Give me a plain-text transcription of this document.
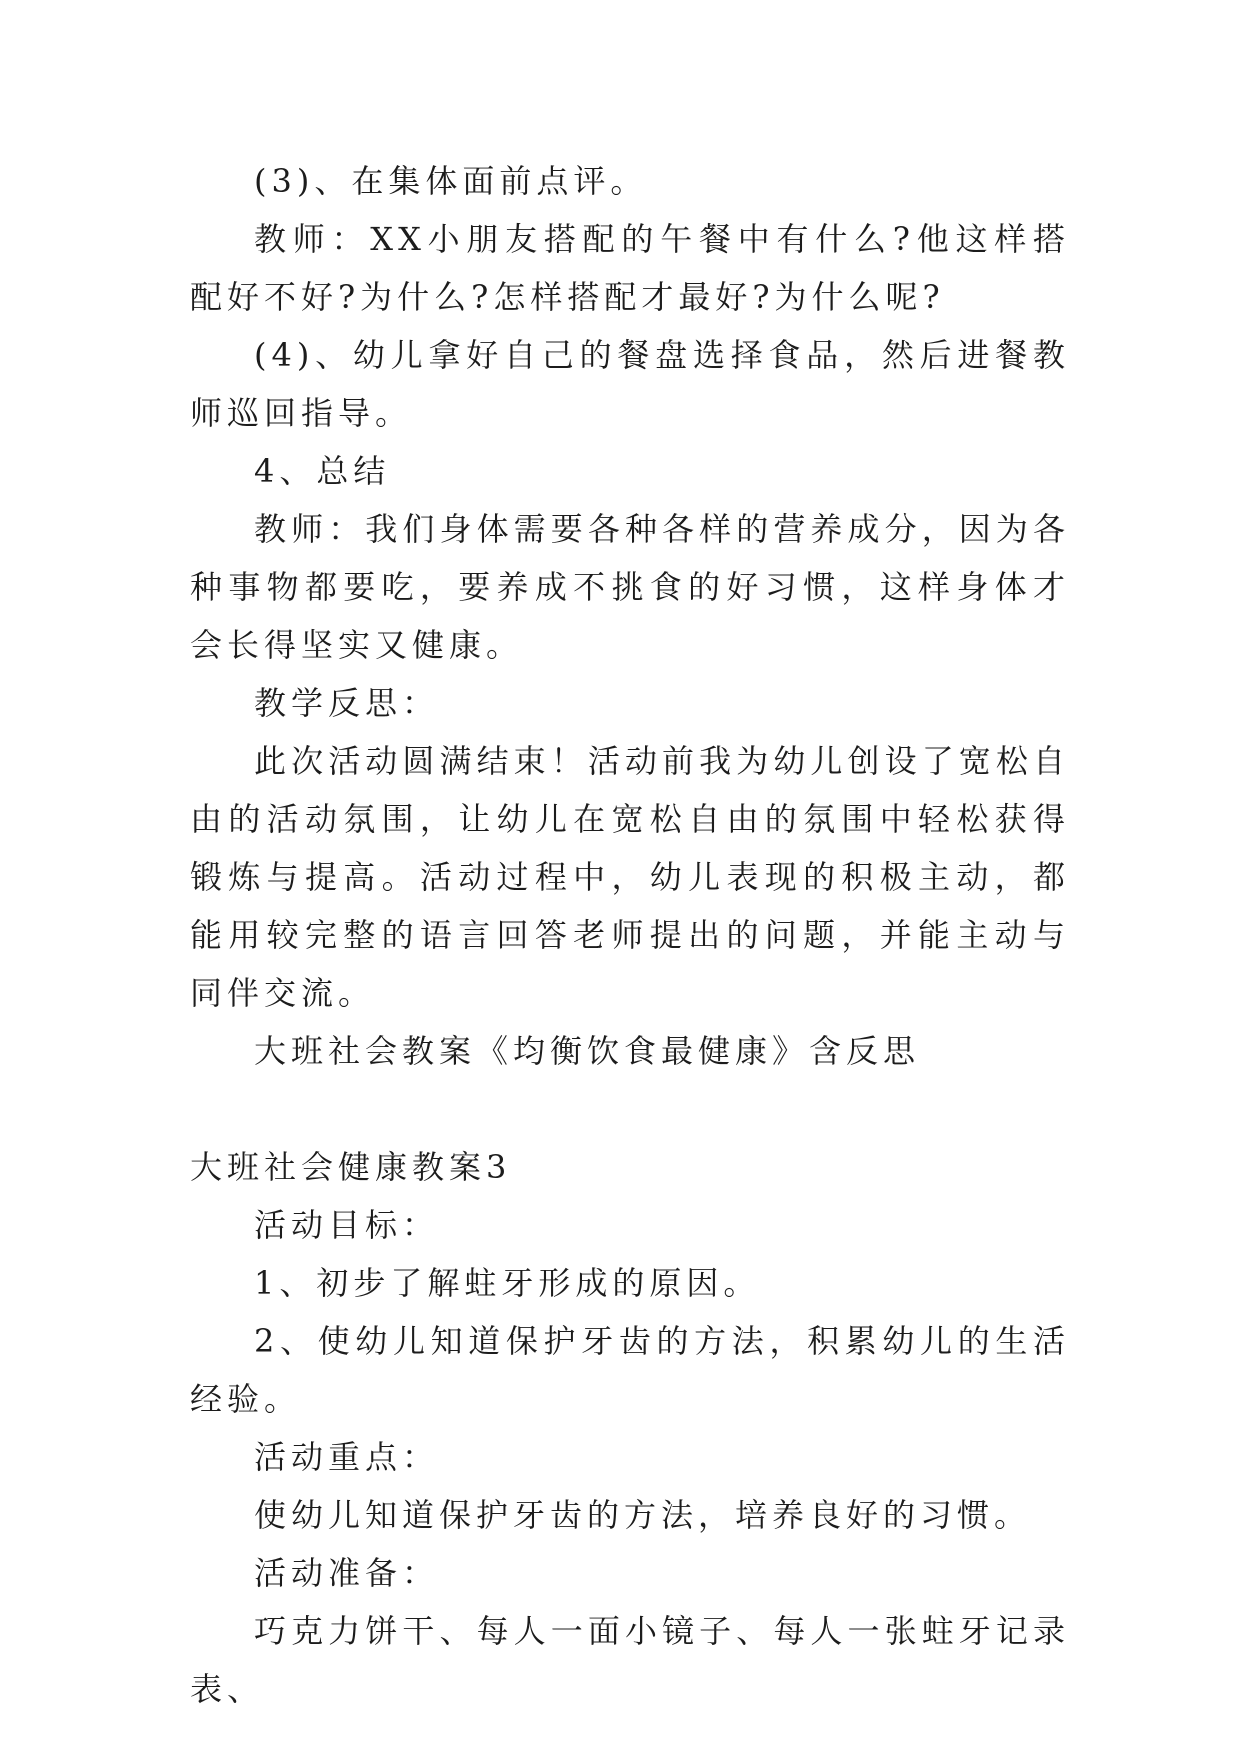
(3)、在集体面前点评。

教师：XX小朋友搭配的午餐中有什么?他这样搭配好不好?为什么?怎样搭配才最好?为什么呢?

(4)、幼儿拿好自己的餐盘选择食品，然后进餐教师巡回指导。

4、总结

教师：我们身体需要各种各样的营养成分，因为各种事物都要吃，要养成不挑食的好习惯，这样身体才会长得坚实又健康。

教学反思：

此次活动圆满结束！活动前我为幼儿创设了宽松自由的活动氛围，让幼儿在宽松自由的氛围中轻松获得锻炼与提高。活动过程中，幼儿表现的积极主动，都能用较完整的语言回答老师提出的问题，并能主动与同伴交流。

大班社会教案《均衡饮食最健康》含反思

大班社会健康教案3

活动目标：

1、初步了解蛀牙形成的原因。

2、使幼儿知道保护牙齿的方法，积累幼儿的生活经验。

活动重点：

使幼儿知道保护牙齿的方法，培养良好的习惯。

活动准备：

巧克力饼干、每人一面小镜子、每人一张蛀牙记录表、
